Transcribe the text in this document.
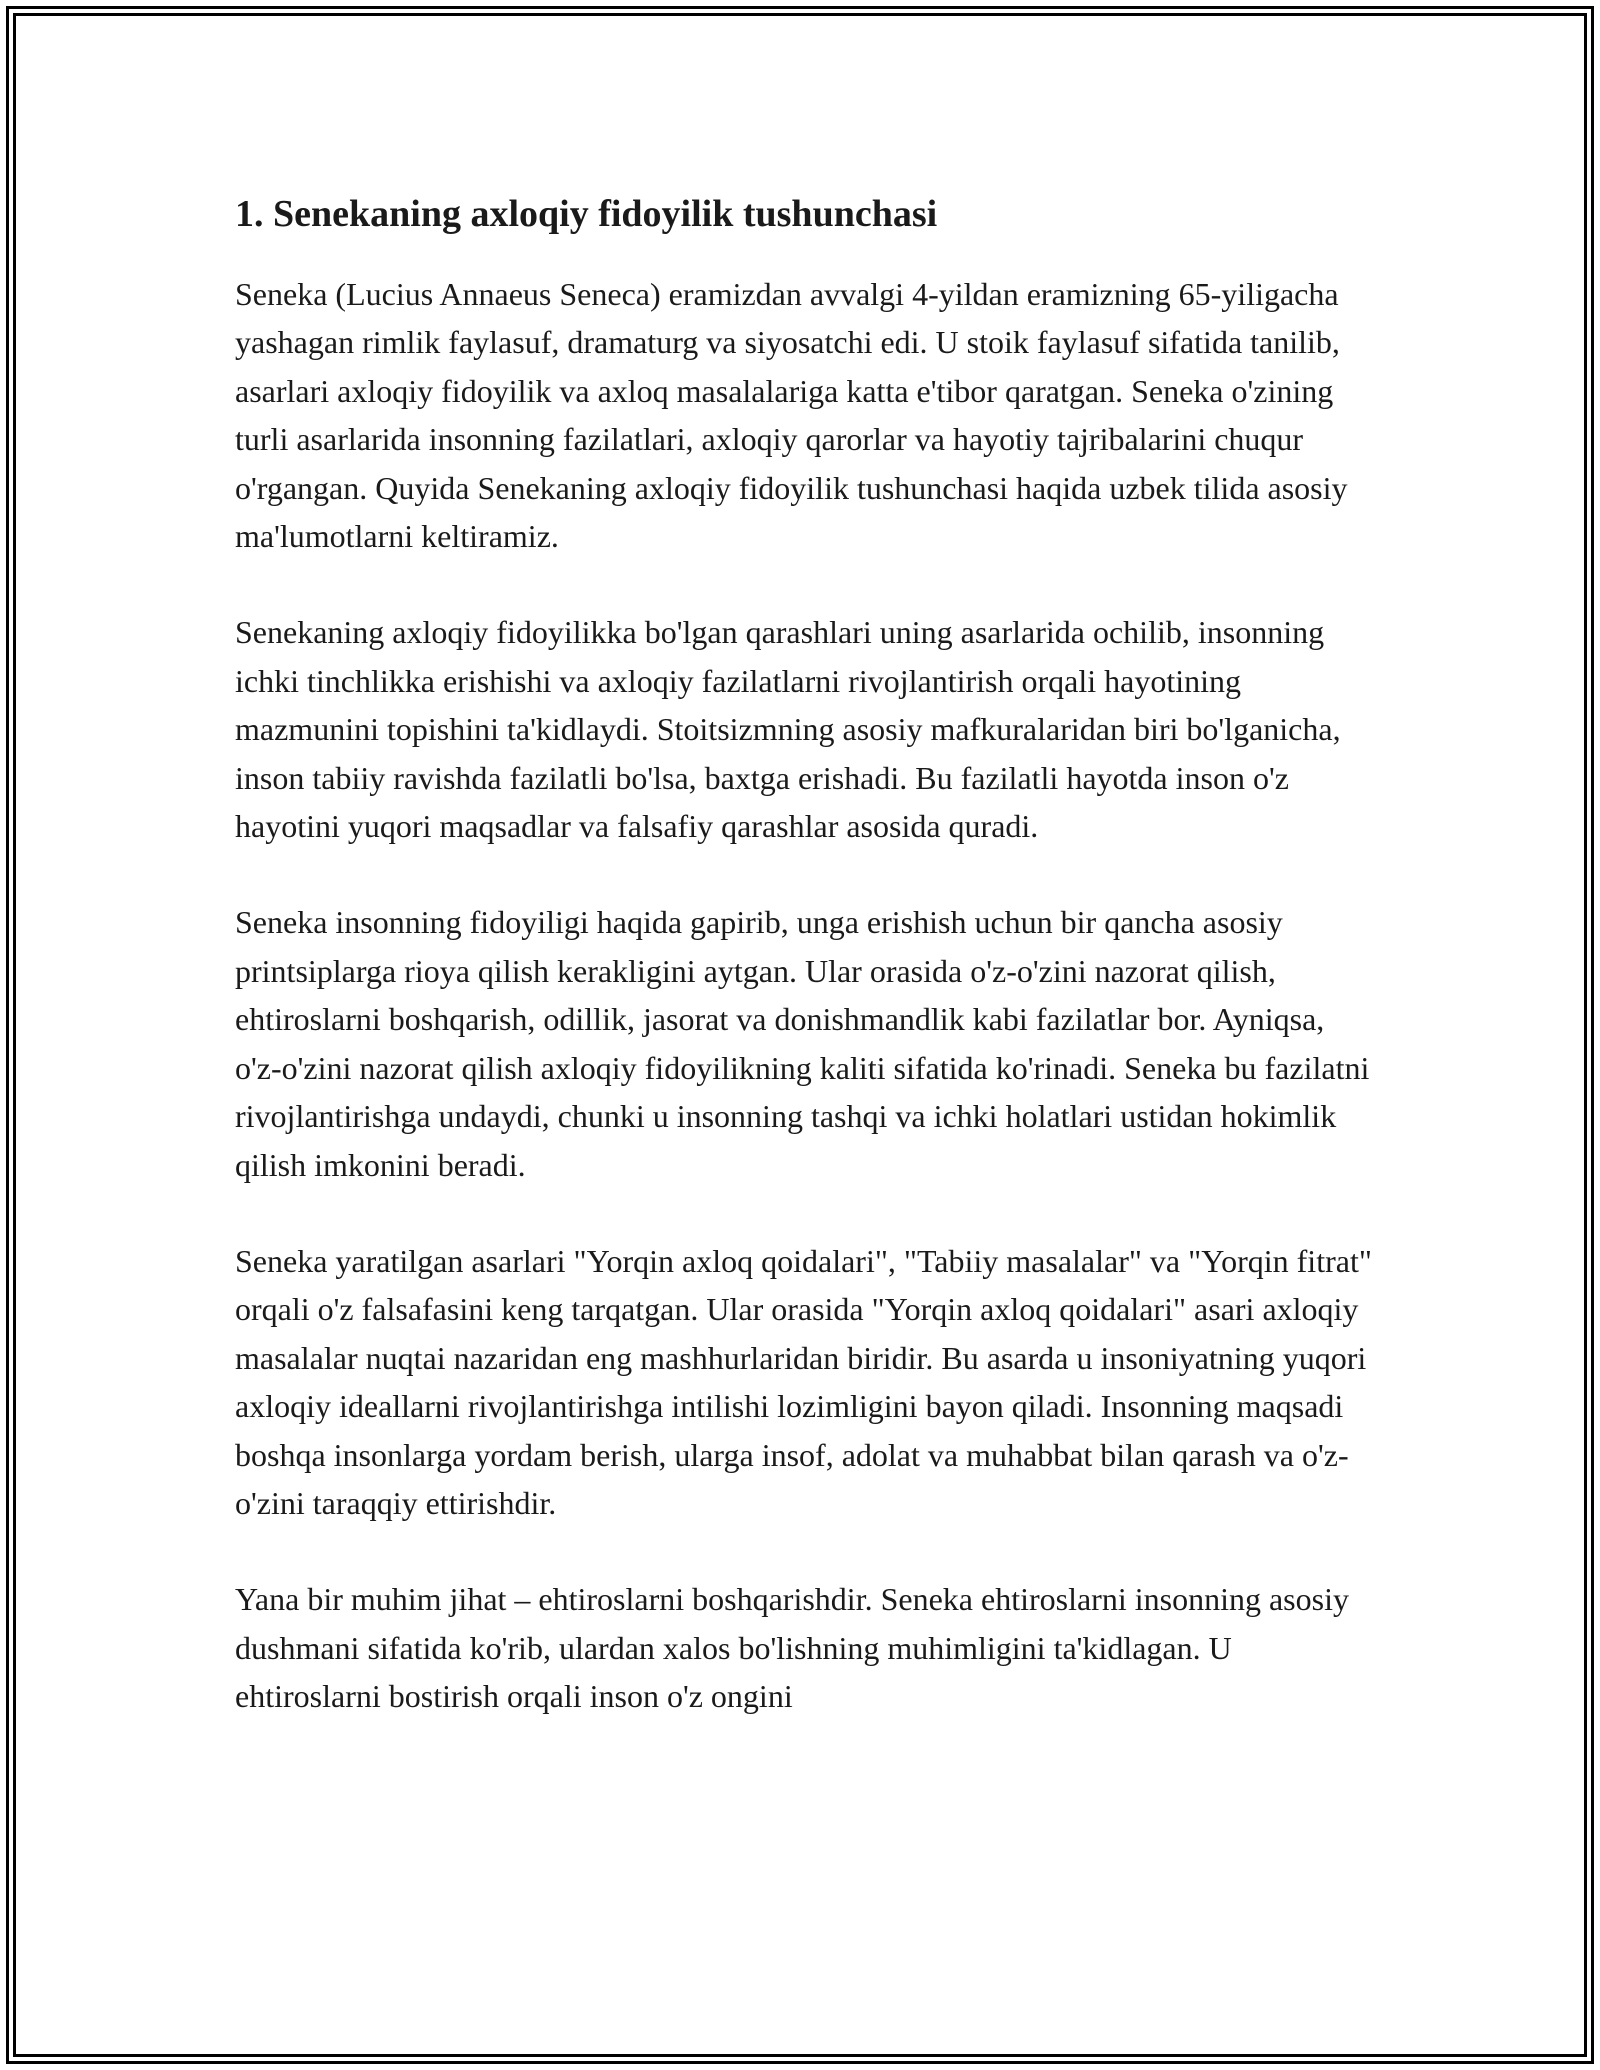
1. Senekaning axloqiy fidoyilik tushunchasi

Seneka (Lucius Annaeus Seneca) eramizdan avvalgi 4-yildan eramizning 65-yiligacha yashagan rimlik faylasuf, dramaturg va siyosatchi edi. U stoik faylasuf sifatida tanilib, asarlari axloqiy fidoyilik va axloq masalalariga katta e'tibor qaratgan. Seneka o'zining turli asarlarida insonning fazilatlari, axloqiy qarorlar va hayotiy tajribalarini chuqur o'rgangan. Quyida Senekaning axloqiy fidoyilik tushunchasi haqida uzbek tilida asosiy ma'lumotlarni keltiramiz.

Senekaning axloqiy fidoyilikka bo'lgan qarashlari uning asarlarida ochilib, insonning ichki tinchlikka erishishi va axloqiy fazilatlarni rivojlantirish orqali hayotining mazmunini topishini ta'kidlaydi. Stoitsizmning asosiy mafkuralaridan biri bo'lganicha, inson tabiiy ravishda fazilatli bo'lsa, baxtga erishadi. Bu fazilatli hayotda inson o'z hayotini yuqori maqsadlar va falsafiy qarashlar asosida quradi.

Seneka insonning fidoyiligi haqida gapirib, unga erishish uchun bir qancha asosiy printsiplarga rioya qilish kerakligini aytgan. Ular orasida o'z-o'zini nazorat qilish, ehtiroslarni boshqarish, odillik, jasorat va donishmandlik kabi fazilatlar bor. Ayniqsa, o'z-o'zini nazorat qilish axloqiy fidoyilikning kaliti sifatida ko'rinadi. Seneka bu fazilatni rivojlantirishga undaydi, chunki u insonning tashqi va ichki holatlari ustidan hokimlik qilish imkonini beradi.

Seneka yaratilgan asarlari "Yorqin axloq qoidalari", "Tabiiy masalalar" va "Yorqin fitrat" orqali o'z falsafasini keng tarqatgan. Ular orasida "Yorqin axloq qoidalari" asari axloqiy masalalar nuqtai nazaridan eng mashhurlaridan biridir. Bu asarda u insoniyatning yuqori axloqiy ideallarni rivojlantirishga intilishi lozimligini bayon qiladi. Insonning maqsadi boshqa insonlarga yordam berish, ularga insof, adolat va muhabbat bilan qarash va o'z-o'zini taraqqiy ettirishdir.

Yana bir muhim jihat – ehtiroslarni boshqarishdir. Seneka ehtiroslarni insonning asosiy dushmani sifatida ko'rib, ulardan xalos bo'lishning muhimligini ta'kidlagan. U ehtiroslarni bostirish orqali inson o'z ongini
